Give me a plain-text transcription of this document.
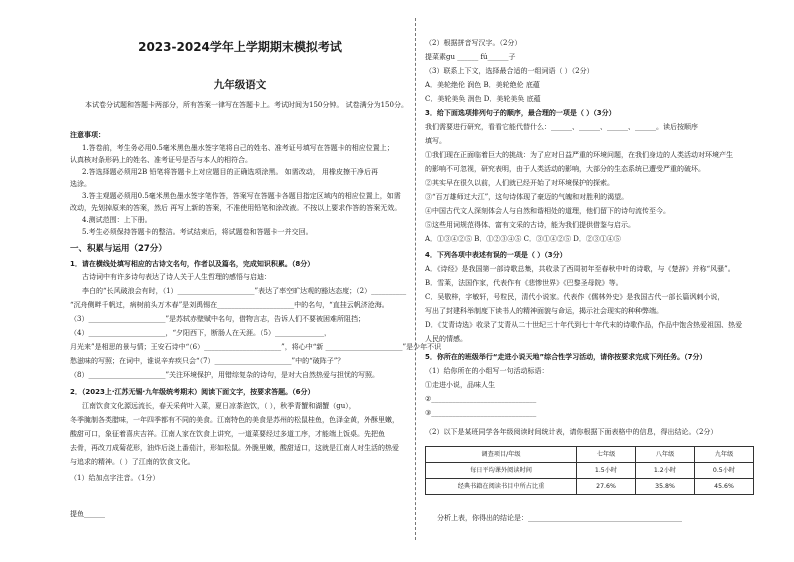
2023-2024学年上学期期末模拟考试
九年级语文
本试卷分试题和答题卡两部分，所有答案一律写在答题卡上。考试时间为150分钟。 试卷满分为150分。
注意事项：
1.答卷前，考生务必用0.5毫米黑色墨水签字笔将自己的姓名、准考证号填写在答题卡的相应位置上；
认真核对条形码上的姓名、准考证号是否与本人的相符合。
2.答选择题必须用2B 铅笔将答题卡上对应题目的正确选项涂黑。 如需改动， 用橡皮擦干净后再
选涂。
3.答主观题必须用0.5毫米黑色墨水签字笔作答，答案写在答题卡各题目指定区域内的相应位置上，如需
改动，先划掉原来的答案，然后 再写上新的答案，不准使用铅笔和涂改液。不按以上要求作答的答案无效。
4.测试范围：上下册。
5.考生必须保持答题卡的整洁。考试结束后，将试题卷和答题卡一并交回。
一、积累与运用（27分）
1．请在横线处填写相应的古诗文名句，作者以及篇名，完成知识积累。（8分）
古诗词中有许多诗句表达了诗人关于人生哲理的感悟与启迪：
李白的“长风破浪会有时，（1）______________________”表达了率空旷达观的豁达态度；（2）__________
“沉舟侧畔千帆过，病树前头万木春”是刘禹锡在______________________中的名句，“直挂云帆济沧海。
（3）______________________”是苏轼赤壁赋中名句，借物言志，告诉人们不要被困难所阻挡；
（4）______________________，“夕阳西下，断肠人在天涯。（5）______________，
月光来”是相思的景与情；王安石诗中“（6）______________________”，将心中“新 ______________________”是少年不识
愁滋味的写照；在词中，谁说辛弃疾只会“（7）______________________”中的“破阵子”？
（8）______________________”关注环境保护，用错综复杂的诗句，是对大自然热爱与担忧的写照。
2．（2023上·江苏无锡·九年级统考期末）阅读下面文字，按要求答题。（6分）
江南饮食文化源远流长，春天采荷叶入菜，夏日凉茶泡饮，（ ），秋季青蟹和湖蟹（gu），
冬季腌制各类腊味，一年四季都有不同的美食。江南特色的美食是苏州的松鼠桂鱼，色泽金黄，外酥里嫩，
酸甜可口，象征着喜庆吉祥。江南人家在饮食上讲究，一道菜要经过多道工序，才能端上饭桌。先把鱼
去骨，再改刀成菊花形，油炸后浇上番茄汁，形如松鼠。外脆里嫩，酸甜适口，这就是江南人对生活的热爱
与追求的精神。（ ）了江南的饮食文化。
（1）给加点字注音。（1分）
提鱼______
（2）根据拼音写汉字。（2分）
提菜素gu ______ fú______子
（3）联系上下文，选择最合适的一组词语（ ）（2分）
A．美轮绝伦 润色 B．美轮绝伦 底蕴
C．美轮美奂 润色 D．美轮美奂 底蕴
3．给下面选项排列句子的顺序，最合理的一项是（ ）（3分）
我们需要进行研究，看看它能代替什么：______、______、______、______。读后按顺序
填写。
①我们现在正面临着巨大的挑战：为了应对日益严重的环境问题，在我们身边的人类活动对环境产生
的影响不可忽视，研究表明，由于人类活动的影响，大部分的生态系统已遭受严重的破坏。
②其实早在很久以前，人们就已经开始了对环境保护的探索。
③“百万雄师过大江”，这句诗体现了豪迈的气魄和对胜利的渴望。
④中国古代文人深刻体会人与自然和谐相处的道理，他们留下的诗句流传至今。
⑤这些用词规范得体、富有文采的古诗，能为我们提供借鉴与启示。
A．①③④②⑤ B．①②③④⑤ C．③①④②⑤ D．②③①④⑤
4．下列各项中表述有误的一项是（ ）（3分）
A．《诗经》是我国第一部诗歌总集，共收录了西周初年至春秋中叶的诗歌，与《楚辞》并称“风骚”。
B．雪莱，法国作家，代表作有《悲惨世界》《巴黎圣母院》等。
C．吴敬梓，字敏轩，号粒民，清代小说家。代表作《儒林外史》是我国古代一部长篇讽刺小说，
写出了封建科举制度下读书人的精神面貌与命运，揭示社会现实的种种弊端。
D．《艾青诗选》收录了艾青从二十世纪三十年代到七十年代末的诗歌作品，作品中饱含热爱祖国、热爱
人民的情感。
5．你所在的班级举行“走进小说天地”综合性学习活动，请你按要求完成下列任务。（7分）
（1）给你所在的小组写一句活动标语：
①走进小说，品味人生
②______________________________
③______________________________
（2）以下是某班同学各年级阅读时间统计表，请你根据下面表格中的信息，得出结论。（2分）
调查项目/年级	七年级	八年级	九年级
每日平均课外阅读时间	1.5小时	1.2小时	0.5小时
经典书籍在阅读书目中所占比重	27.6%	35.8%	45.6%
分析上表，你得出的结论是：____________________________________________
